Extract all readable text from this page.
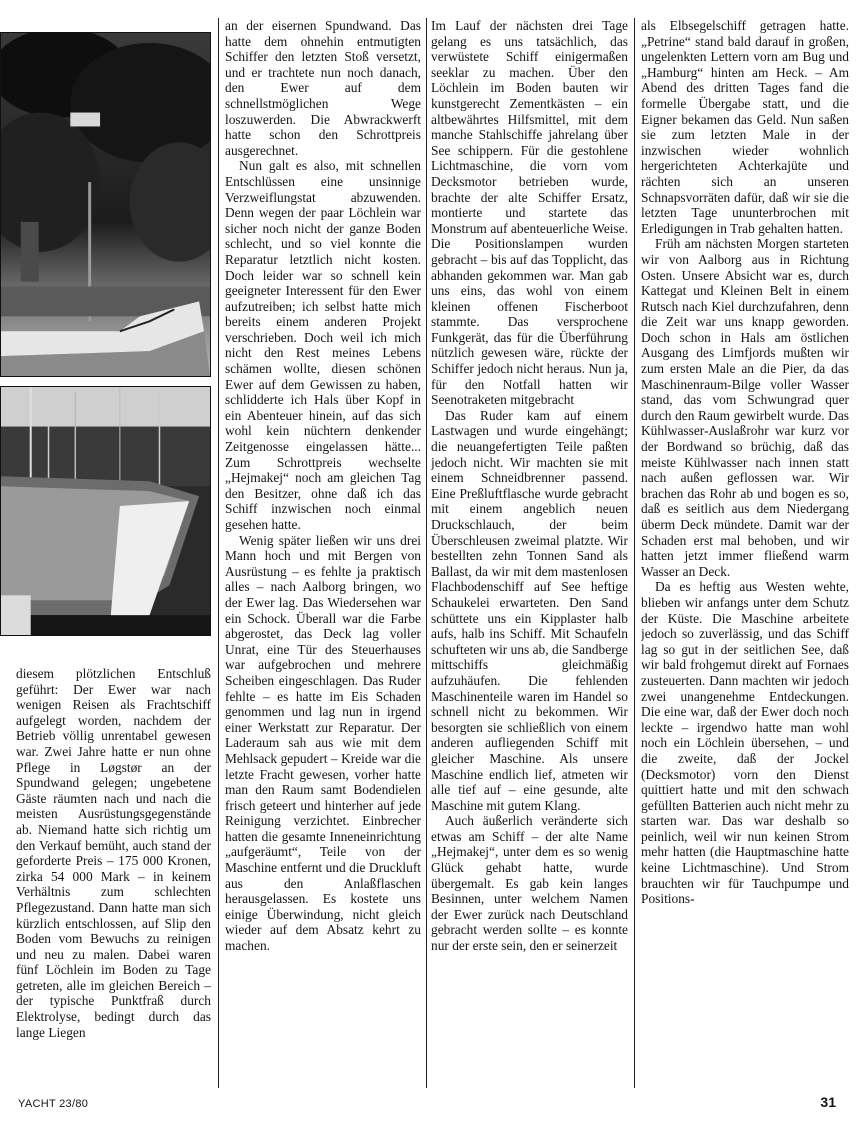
diesem plötzlichen Entschluß geführt: Der Ewer war nach wenigen Reisen als Frachtschiff aufgelegt worden, nachdem der Betrieb völlig unrentabel gewesen war. Zwei Jahre hatte er nun ohne Pflege in Løgstør an der Spundwand gelegen; ungebetene Gäste räumten nach und nach die meisten Ausrüstungsgegenstände ab. Niemand hatte sich richtig um den Verkauf bemüht, auch stand der geforderte Preis – 175 000 Kronen, zirka 54 000 Mark – in keinem Verhältnis zum schlechten Pflegezustand. Dann hatte man sich kürzlich entschlossen, auf Slip den Boden vom Bewuchs zu reinigen und neu zu malen. Dabei waren fünf Löchlein im Boden zu Tage getreten, alle im gleichen Bereich – der typische Punktfraß durch Elektrolyse, bedingt durch das lange Liegen

an der eisernen Spundwand. Das hatte dem ohnehin entmutigten Schiffer den letzten Stoß versetzt, und er trachtete nun noch danach, den Ewer auf dem schnellstmöglichen Wege loszuwerden. Die Abwrackwerft hatte schon den Schrottpreis ausgerechnet.

Nun galt es also, mit schnellen Entschlüssen eine unsinnige Verzweiflungstat abzuwenden. Denn wegen der paar Löchlein war sicher noch nicht der ganze Boden schlecht, und so viel konnte die Reparatur letztlich nicht kosten. Doch leider war so schnell kein geeigneter Interessent für den Ewer aufzutreiben; ich selbst hatte mich bereits einem anderen Projekt verschrieben. Doch weil ich mich nicht den Rest meines Lebens schämen wollte, diesen schönen Ewer auf dem Gewissen zu haben, schlidderte ich Hals über Kopf in ein Abenteuer hinein, auf das sich wohl kein nüchtern denkender Zeitgenosse eingelassen hätte... Zum Schrottpreis wechselte „Hejmakej“ noch am gleichen Tag den Besitzer, ohne daß ich das Schiff inzwischen noch einmal gesehen hatte.

Wenig später ließen wir uns drei Mann hoch und mit Bergen von Ausrüstung – es fehlte ja praktisch alles – nach Aalborg bringen, wo der Ewer lag. Das Wiedersehen war ein Schock. Überall war die Farbe abgerostet, das Deck lag voller Unrat, eine Tür des Steuerhauses war aufgebrochen und mehrere Scheiben eingeschlagen. Das Ruder fehlte – es hatte im Eis Schaden genommen und lag nun in irgend einer Werkstatt zur Reparatur. Der Laderaum sah aus wie mit dem Mehlsack gepudert – Kreide war die letzte Fracht gewesen, vorher hatte man den Raum samt Bodendielen frisch geteert und hinterher auf jede Reinigung verzichtet. Einbrecher hatten die gesamte Inneneinrichtung „aufgeräumt“, Teile von der Maschine entfernt und die Druckluft aus den Anlaßflaschen herausgelassen. Es kostete uns einige Überwindung, nicht gleich wieder auf dem Absatz kehrt zu machen.

Im Lauf der nächsten drei Tage gelang es uns tatsächlich, das verwüstete Schiff einigermaßen seeklar zu machen. Über den Löchlein im Boden bauten wir kunstgerecht Zementkästen – ein altbewährtes Hilfsmittel, mit dem manche Stahlschiffe jahrelang über See schippern. Für die gestohlene Lichtmaschine, die vorn vom Decksmotor betrieben wurde, brachte der alte Schiffer Ersatz, montierte und startete das Monstrum auf abenteuerliche Weise. Die Positionslampen wurden gebracht – bis auf das Topplicht, das abhanden gekommen war. Man gab uns eins, das wohl von einem kleinen offenen Fischerboot stammte. Das versprochene Funkgerät, das für die Überführung nützlich gewesen wäre, rückte der Schiffer jedoch nicht heraus. Nun ja, für den Notfall hatten wir Seenotraketen mitgebracht

Das Ruder kam auf einem Lastwagen und wurde eingehängt; die neuangefertigten Teile paßten jedoch nicht. Wir machten sie mit einem Schneidbrenner passend. Eine Preßluftflasche wurde gebracht mit einem angeblich neuen Druckschlauch, der beim Überschleusen zweimal platzte. Wir bestellten zehn Tonnen Sand als Ballast, da wir mit dem mastenlosen Flachbodenschiff auf See heftige Schaukelei erwarteten. Den Sand schüttete uns ein Kipplaster halb aufs, halb ins Schiff. Mit Schaufeln schufteten wir uns ab, die Sandberge mittschiffs gleichmäßig aufzuhäufen. Die fehlenden Maschinenteile waren im Handel so schnell nicht zu bekommen. Wir besorgten sie schließlich von einem anderen aufliegenden Schiff mit gleicher Maschine. Als unsere Maschine endlich lief, atmeten wir alle tief auf – eine gesunde, alte Maschine mit gutem Klang.

Auch äußerlich veränderte sich etwas am Schiff – der alte Name „Hejmakej“, unter dem es so wenig Glück gehabt hatte, wurde übergemalt. Es gab kein langes Besinnen, unter welchem Namen der Ewer zurück nach Deutschland gebracht werden sollte – es konnte nur der erste sein, den er seinerzeit

als Elbsegelschiff getragen hatte. „Petrine“ stand bald darauf in großen, ungelenkten Lettern vorn am Bug und „Hamburg“ hinten am Heck. – Am Abend des dritten Tages fand die formelle Übergabe statt, und die Eigner bekamen das Geld. Nun saßen sie zum letzten Male in der inzwischen wieder wohnlich hergerichteten Achterkajüte und rächten sich an unseren Schnapsvorräten dafür, daß wir sie die letzten Tage ununterbrochen mit Erledigungen in Trab gehalten hatten.

Früh am nächsten Morgen starteten wir von Aalborg aus in Richtung Osten. Unsere Absicht war es, durch Kattegat und Kleinen Belt in einem Rutsch nach Kiel durchzufahren, denn die Zeit war uns knapp geworden. Doch schon in Hals am östlichen Ausgang des Limfjords mußten wir zum ersten Male an die Pier, da das Maschinenraum-Bilge voller Wasser stand, das vom Schwungrad quer durch den Raum gewirbelt wurde. Das Kühlwasser-Auslaßrohr war kurz vor der Bordwand so brüchig, daß das meiste Kühlwasser nach innen statt nach außen geflossen war. Wir brachen das Rohr ab und bogen es so, daß es seitlich aus dem Niedergang überm Deck mündete. Damit war der Schaden erst mal behoben, und wir hatten jetzt immer fließend warm Wasser an Deck.

Da es heftig aus Westen wehte, blieben wir anfangs unter dem Schutz der Küste. Die Maschine arbeitete jedoch so zuverlässig, und das Schiff lag so gut in der seitlichen See, daß wir bald frohgemut direkt auf Fornaes zusteuerten. Dann machten wir jedoch zwei unangenehme Entdeckungen. Die eine war, daß der Ewer doch noch leckte – irgendwo hatte man wohl noch ein Löchlein übersehen, – und die zweite, daß der Jockel (Decksmotor) vorn den Dienst quittiert hatte und mit den schwach gefüllten Batterien auch nicht mehr zu starten war. Das war deshalb so peinlich, weil wir nun keinen Strom mehr hatten (die Hauptmaschine hatte keine Lichtmaschine). Und Strom brauchten wir für Tauchpumpe und Positions-

YACHT 23/80	31
